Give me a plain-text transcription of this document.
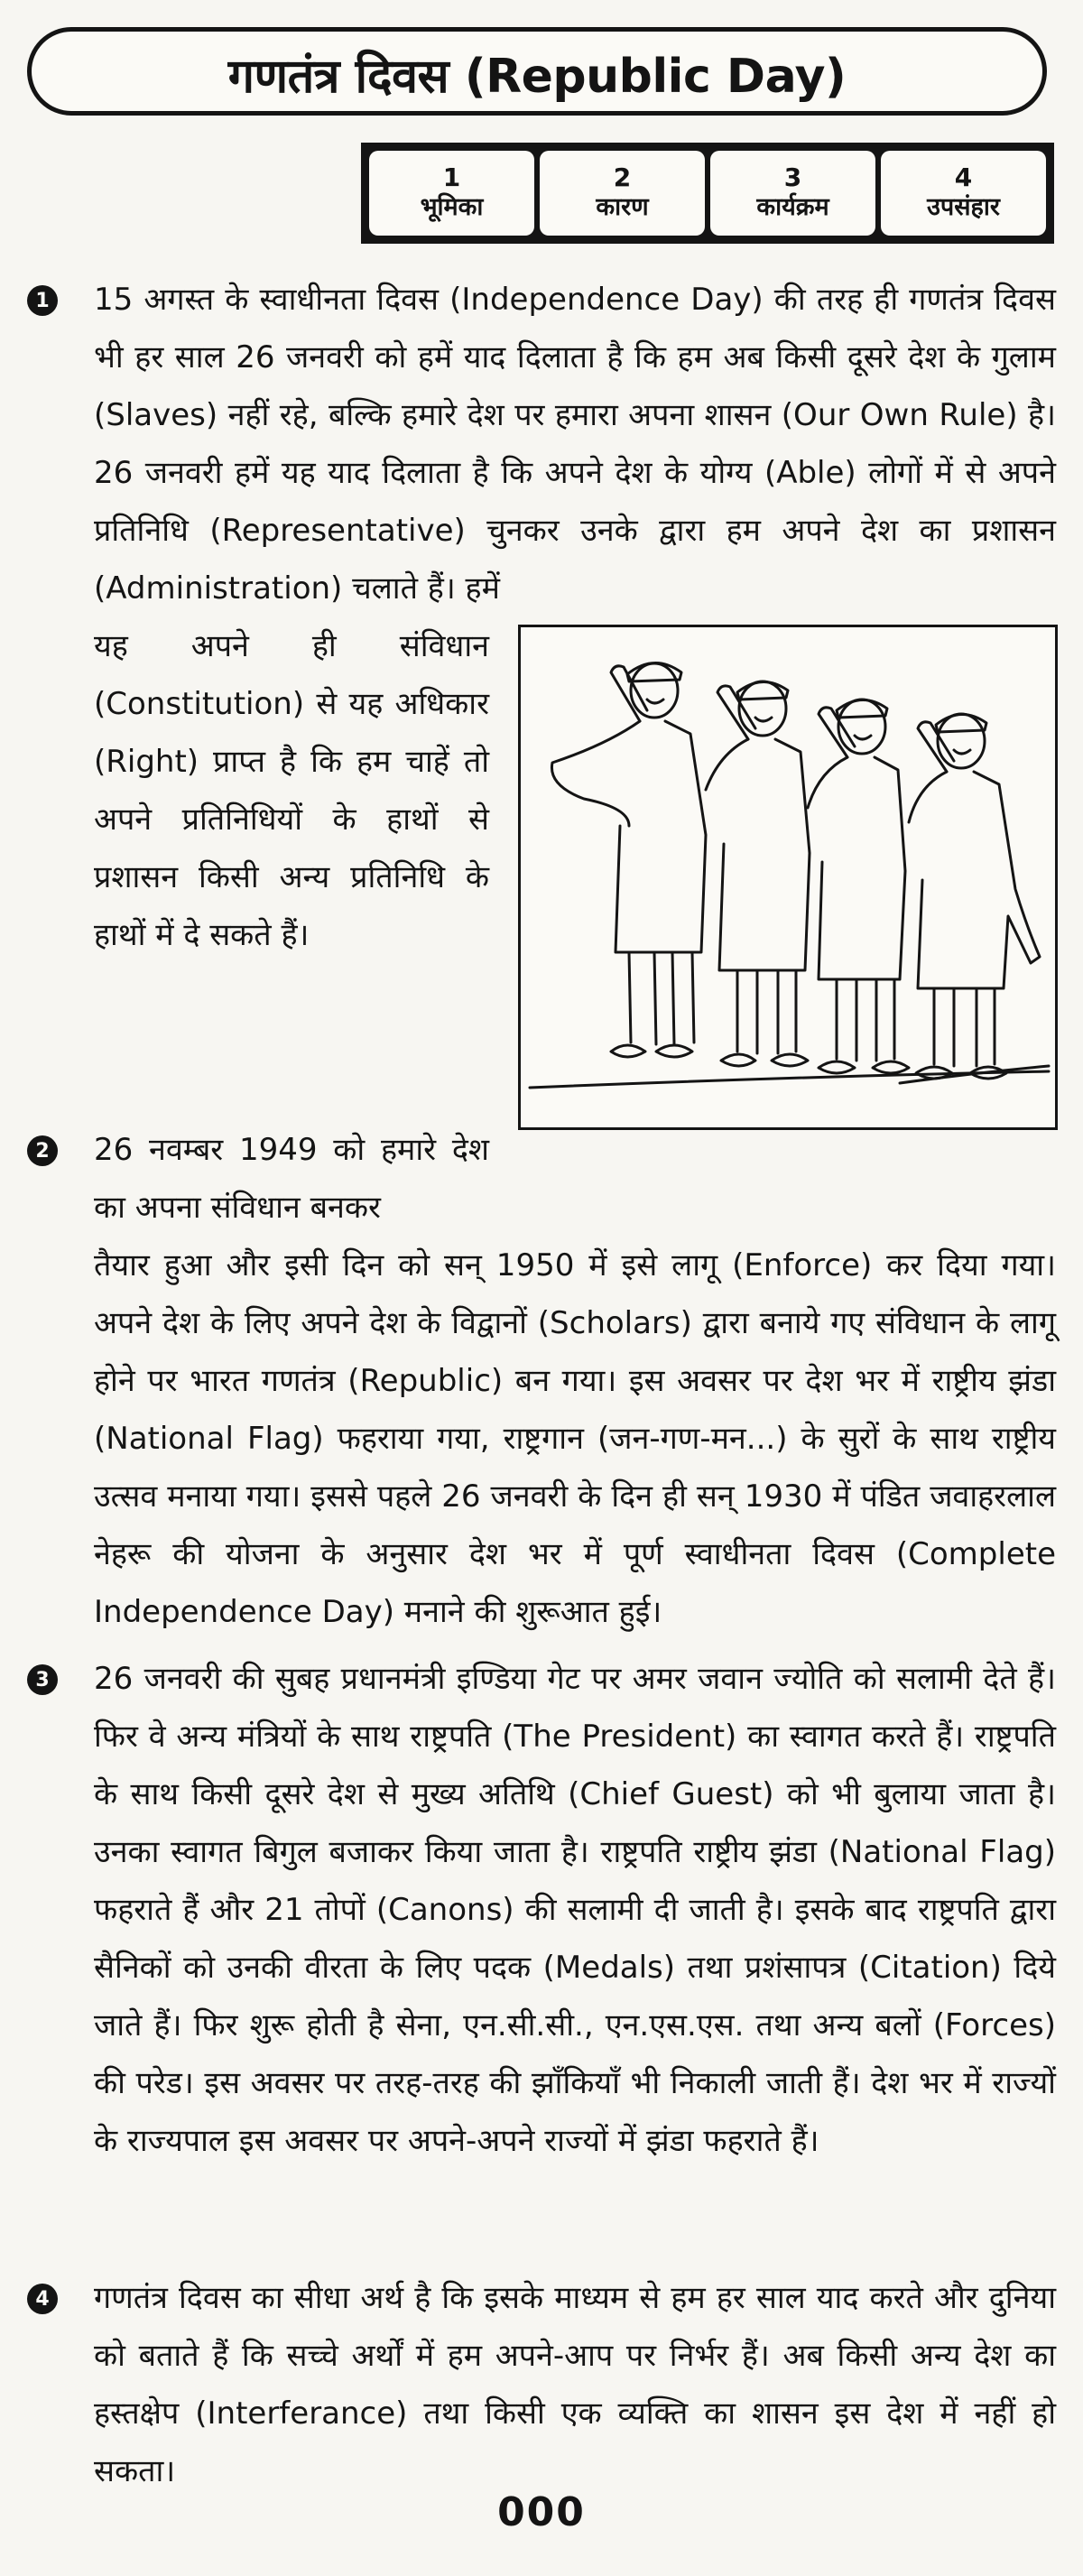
गणतंत्र दिवस (Republic Day)
1
भूमिका
2
कारण
3
कार्यक्रम
4
उपसंहार
1 15 अगस्त के स्वाधीनता दिवस (Independence Day) की तरह ही गणतंत्र दिवस भी हर साल 26 जनवरी को हमें याद दिलाता है कि हम अब किसी दूसरे देश के गुलाम (Slaves) नहीं रहे, बल्कि हमारे देश पर हमारा अपना शासन (Our Own Rule) है। 26 जनवरी हमें यह याद दिलाता है कि अपने देश के योग्य (Able) लोगों में से अपने प्रतिनिधि (Representative) चुनकर उनके द्वारा हम अपने देश का प्रशासन (Administration) चलाते हैं। हमें

यह अपने ही संविधान (Constitution) से यह अधिकार (Right) प्राप्त है कि हम चाहें तो अपने प्रतिनिधियों के हाथों से प्रशासन किसी अन्य प्रतिनिधि के हाथों में दे सकते हैं।

2 26 नवम्बर 1949 को हमारे देश का अपना संविधान बनकर

तैयार हुआ और इसी दिन को सन् 1950 में इसे लागू (Enforce) कर दिया गया। अपने देश के लिए अपने देश के विद्वानों (Scholars) द्वारा बनाये गए संविधान के लागू होने पर भारत गणतंत्र (Republic) बन गया। इस अवसर पर देश भर में राष्ट्रीय झंडा (National Flag) फहराया गया, राष्ट्रगान (जन-गण-मन...) के सुरों के साथ राष्ट्रीय उत्सव मनाया गया। इससे पहले 26 जनवरी के दिन ही सन् 1930 में पंडित जवाहरलाल नेहरू की योजना के अनुसार देश भर में पूर्ण स्वाधीनता दिवस (Complete Independence Day) मनाने की शुरूआत हुई।

3 26 जनवरी की सुबह प्रधानमंत्री इण्डिया गेट पर अमर जवान ज्योति को सलामी देते हैं। फिर वे अन्य मंत्रियों के साथ राष्ट्रपति (The President) का स्वागत करते हैं। राष्ट्रपति के साथ किसी दूसरे देश से मुख्य अतिथि (Chief Guest) को भी बुलाया जाता है। उनका स्वागत बिगुल बजाकर किया जाता है। राष्ट्रपति राष्ट्रीय झंडा (National Flag) फहराते हैं और 21 तोपों (Canons) की सलामी दी जाती है। इसके बाद राष्ट्रपति द्वारा सैनिकों को उनकी वीरता के लिए पदक (Medals) तथा प्रशंसापत्र (Citation) दिये जाते हैं। फिर शुरू होती है सेना, एन.सी.सी., एन.एस.एस. तथा अन्य बलों (Forces) की परेड। इस अवसर पर तरह-तरह की झाँकियाँ भी निकाली जाती हैं। देश भर में राज्यों के राज्यपाल इस अवसर पर अपने-अपने राज्यों में झंडा फहराते हैं।

4 गणतंत्र दिवस का सीधा अर्थ है कि इसके माध्यम से हम हर साल याद करते और दुनिया को बताते हैं कि सच्चे अर्थों में हम अपने-आप पर निर्भर हैं। अब किसी अन्य देश का हस्तक्षेप (Interferance) तथा किसी एक व्यक्ति का शासन इस देश में नहीं हो सकता।

000
